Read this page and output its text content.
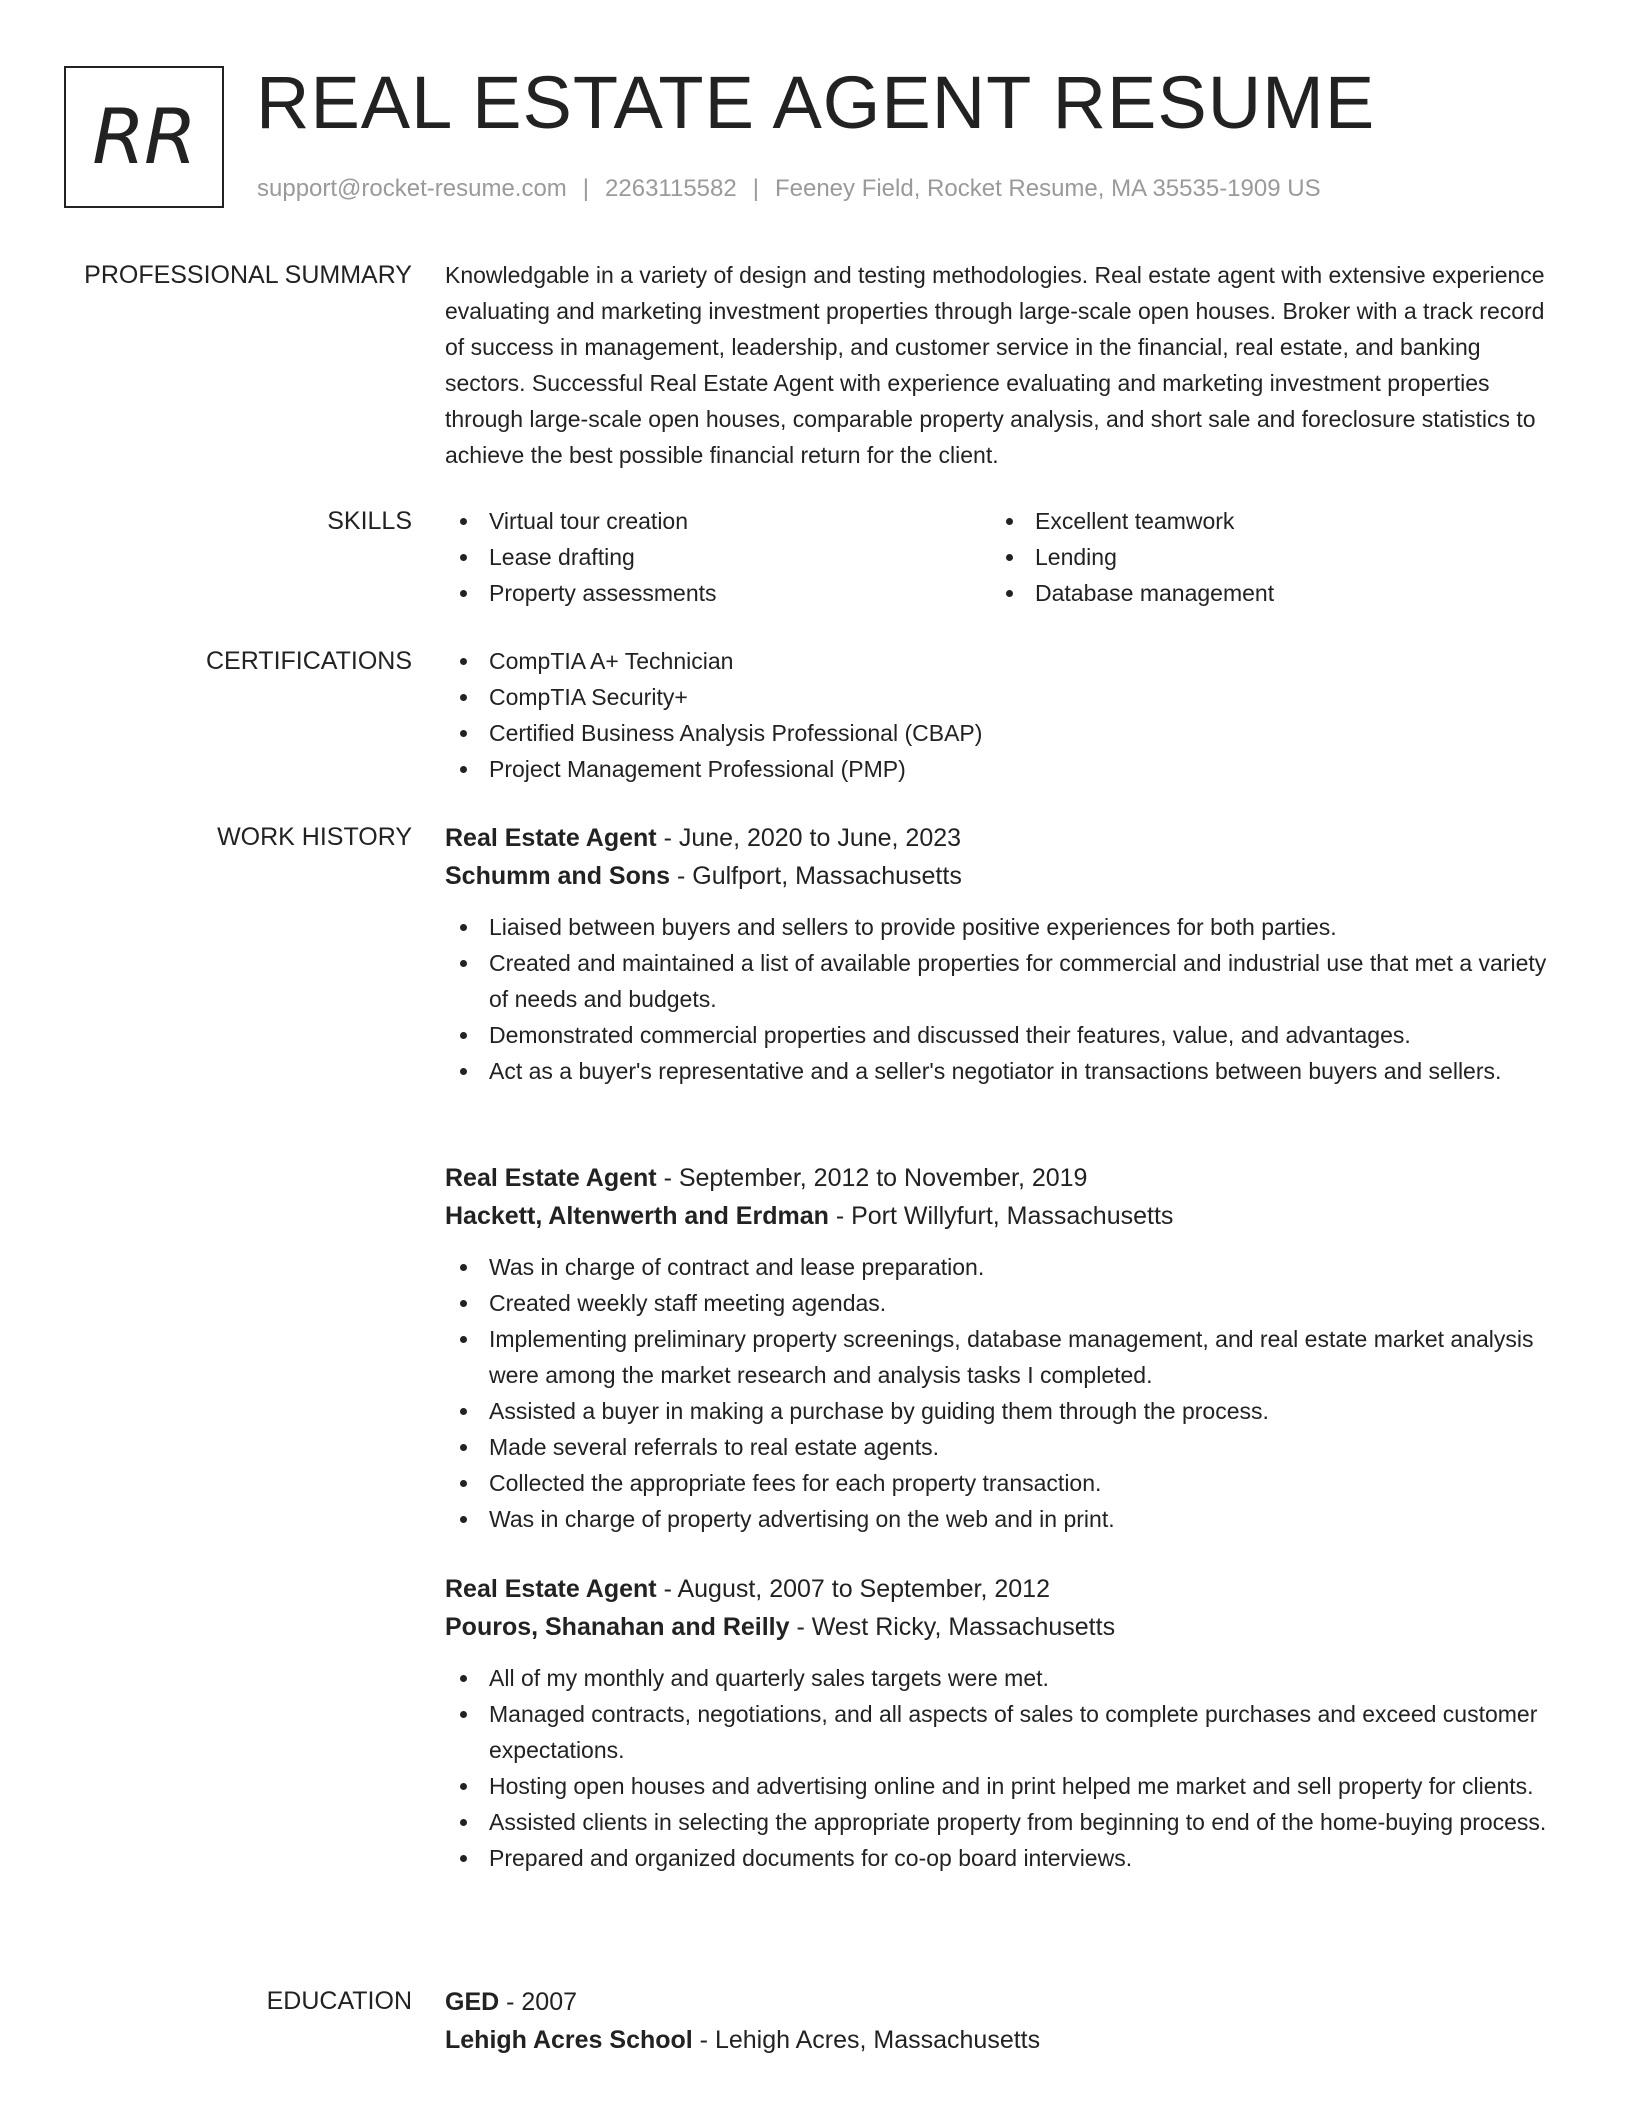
RR REAL ESTATE AGENT RESUME
support@rocket-resume.com | 2263115582 | Feeney Field, Rocket Resume, MA 35535-1909 US
PROFESSIONAL SUMMARY Knowledgable in a variety of design and testing methodologies. Real estate agent with extensive experience evaluating and marketing investment properties through large-scale open houses. Broker with a track record of success in management, leadership, and customer service in the financial, real estate, and banking sectors. Successful Real Estate Agent with experience evaluating and marketing investment properties through large-scale open houses, comparable property analysis, and short sale and foreclosure statistics to achieve the best possible financial return for the client.
SKILLS	Virtual tour creation
Lease drafting
Property assessments
Excellent teamwork
Lending
Database management
CERTIFICATIONS	CompTIA A+ Technician
CompTIA Security+
Certified Business Analysis Professional (CBAP)
Project Management Professional (PMP)
WORK HISTORY Real Estate Agent - June, 2020 to June, 2023
Schumm and Sons - Gulfport, Massachusetts
Liaised between buyers and sellers to provide positive experiences for both parties.
Created and maintained a list of available properties for commercial and industrial use that met a variety of needs and budgets.
Demonstrated commercial properties and discussed their features, value, and advantages.
Act as a buyer's representative and a seller's negotiator in transactions between buyers and sellers.
Real Estate Agent - September, 2012 to November, 2019
Hackett, Altenwerth and Erdman - Port Willyfurt, Massachusetts
Was in charge of contract and lease preparation.
Created weekly staff meeting agendas.
Implementing preliminary property screenings, database management, and real estate market analysis were among the market research and analysis tasks I completed.
Assisted a buyer in making a purchase by guiding them through the process.
Made several referrals to real estate agents.
Collected the appropriate fees for each property transaction.
Was in charge of property advertising on the web and in print.
Real Estate Agent - August, 2007 to September, 2012
Pouros, Shanahan and Reilly - West Ricky, Massachusetts
All of my monthly and quarterly sales targets were met.
Managed contracts, negotiations, and all aspects of sales to complete purchases and exceed customer expectations.
Hosting open houses and advertising online and in print helped me market and sell property for clients.
Assisted clients in selecting the appropriate property from beginning to end of the home-buying process.
Prepared and organized documents for co-op board interviews.
EDUCATION GED - 2007
Lehigh Acres School - Lehigh Acres, Massachusetts
